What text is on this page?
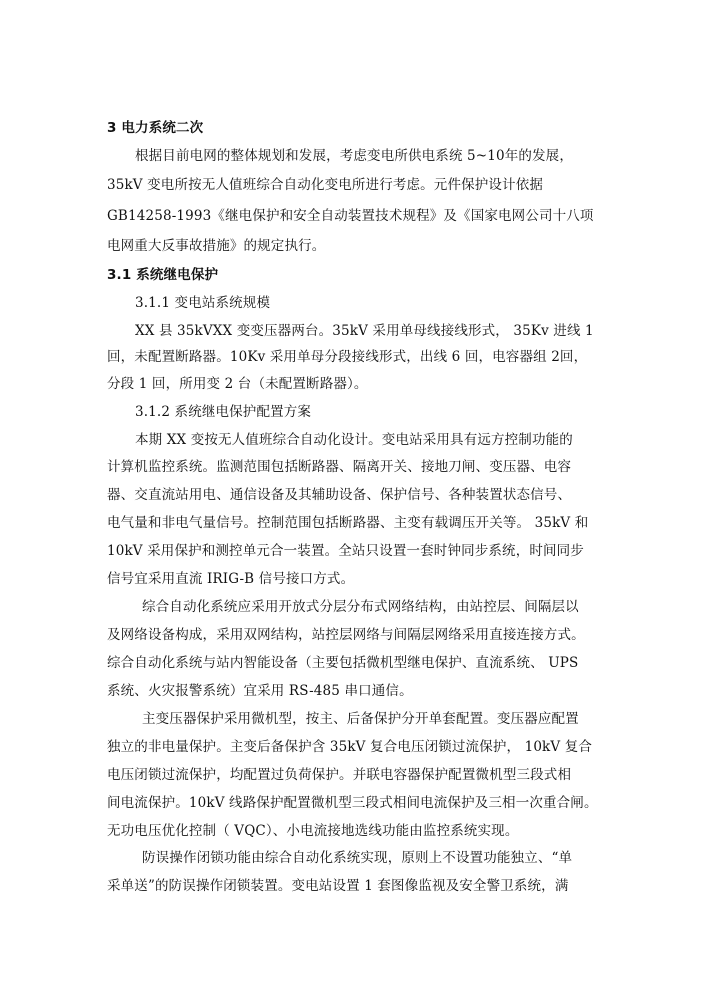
3 电力系统二次
根据目前电网的整体规划和发展，考虑变电所供电系统 5~10年的发展，
35kV 变电所按无人值班综合自动化变电所进行考虑。元件保护设计依据
GB14258-1993《继电保护和安全自动装置技术规程》及《国家电网公司十八项
电网重大反事故措施》的规定执行。
3.1 系统继电保护
3.1.1 变电站系统规模
XX 县 35kVXX 变变压器两台。35kV 采用单母线接线形式， 35Kv 进线 1
回，未配置断路器。10Kv 采用单母分段接线形式，出线 6 回，电容器组 2回，
分段 1 回，所用变 2 台（未配置断路器）。
3.1.2 系统继电保护配置方案
本期 XX 变按无人值班综合自动化设计。变电站采用具有远方控制功能的
计算机监控系统。监测范围包括断路器、隔离开关、接地刀闸、变压器、电容
器、交直流站用电、通信设备及其辅助设备、保护信号、各种装置状态信号、
电气量和非电气量信号。控制范围包括断路器、主变有载调压开关等。 35kV 和
10kV 采用保护和测控单元合一装置。全站只设置一套时钟同步系统，时间同步
信号宜采用直流 IRIG-B 信号接口方式。
综合自动化系统应采用开放式分层分布式网络结构，由站控层、间隔层以
及网络设备构成，采用双网结构，站控层网络与间隔层网络采用直接连接方式。
综合自动化系统与站内智能设备（主要包括微机型继电保护、直流系统、 UPS
系统、火灾报警系统）宜采用 RS-485 串口通信。
主变压器保护采用微机型，按主、后备保护分开单套配置。变压器应配置
独立的非电量保护。主变后备保护含 35kV 复合电压闭锁过流保护， 10kV 复合
电压闭锁过流保护，均配置过负荷保护。并联电容器保护配置微机型三段式相
间电流保护。10kV 线路保护配置微机型三段式相间电流保护及三相一次重合闸。
无功电压优化控制（ VQC）、小电流接地选线功能由监控系统实现。
防误操作闭锁功能由综合自动化系统实现，原则上不设置功能独立、“单
采单送”的防误操作闭锁装置。变电站设置 1 套图像监视及安全警卫系统，满
